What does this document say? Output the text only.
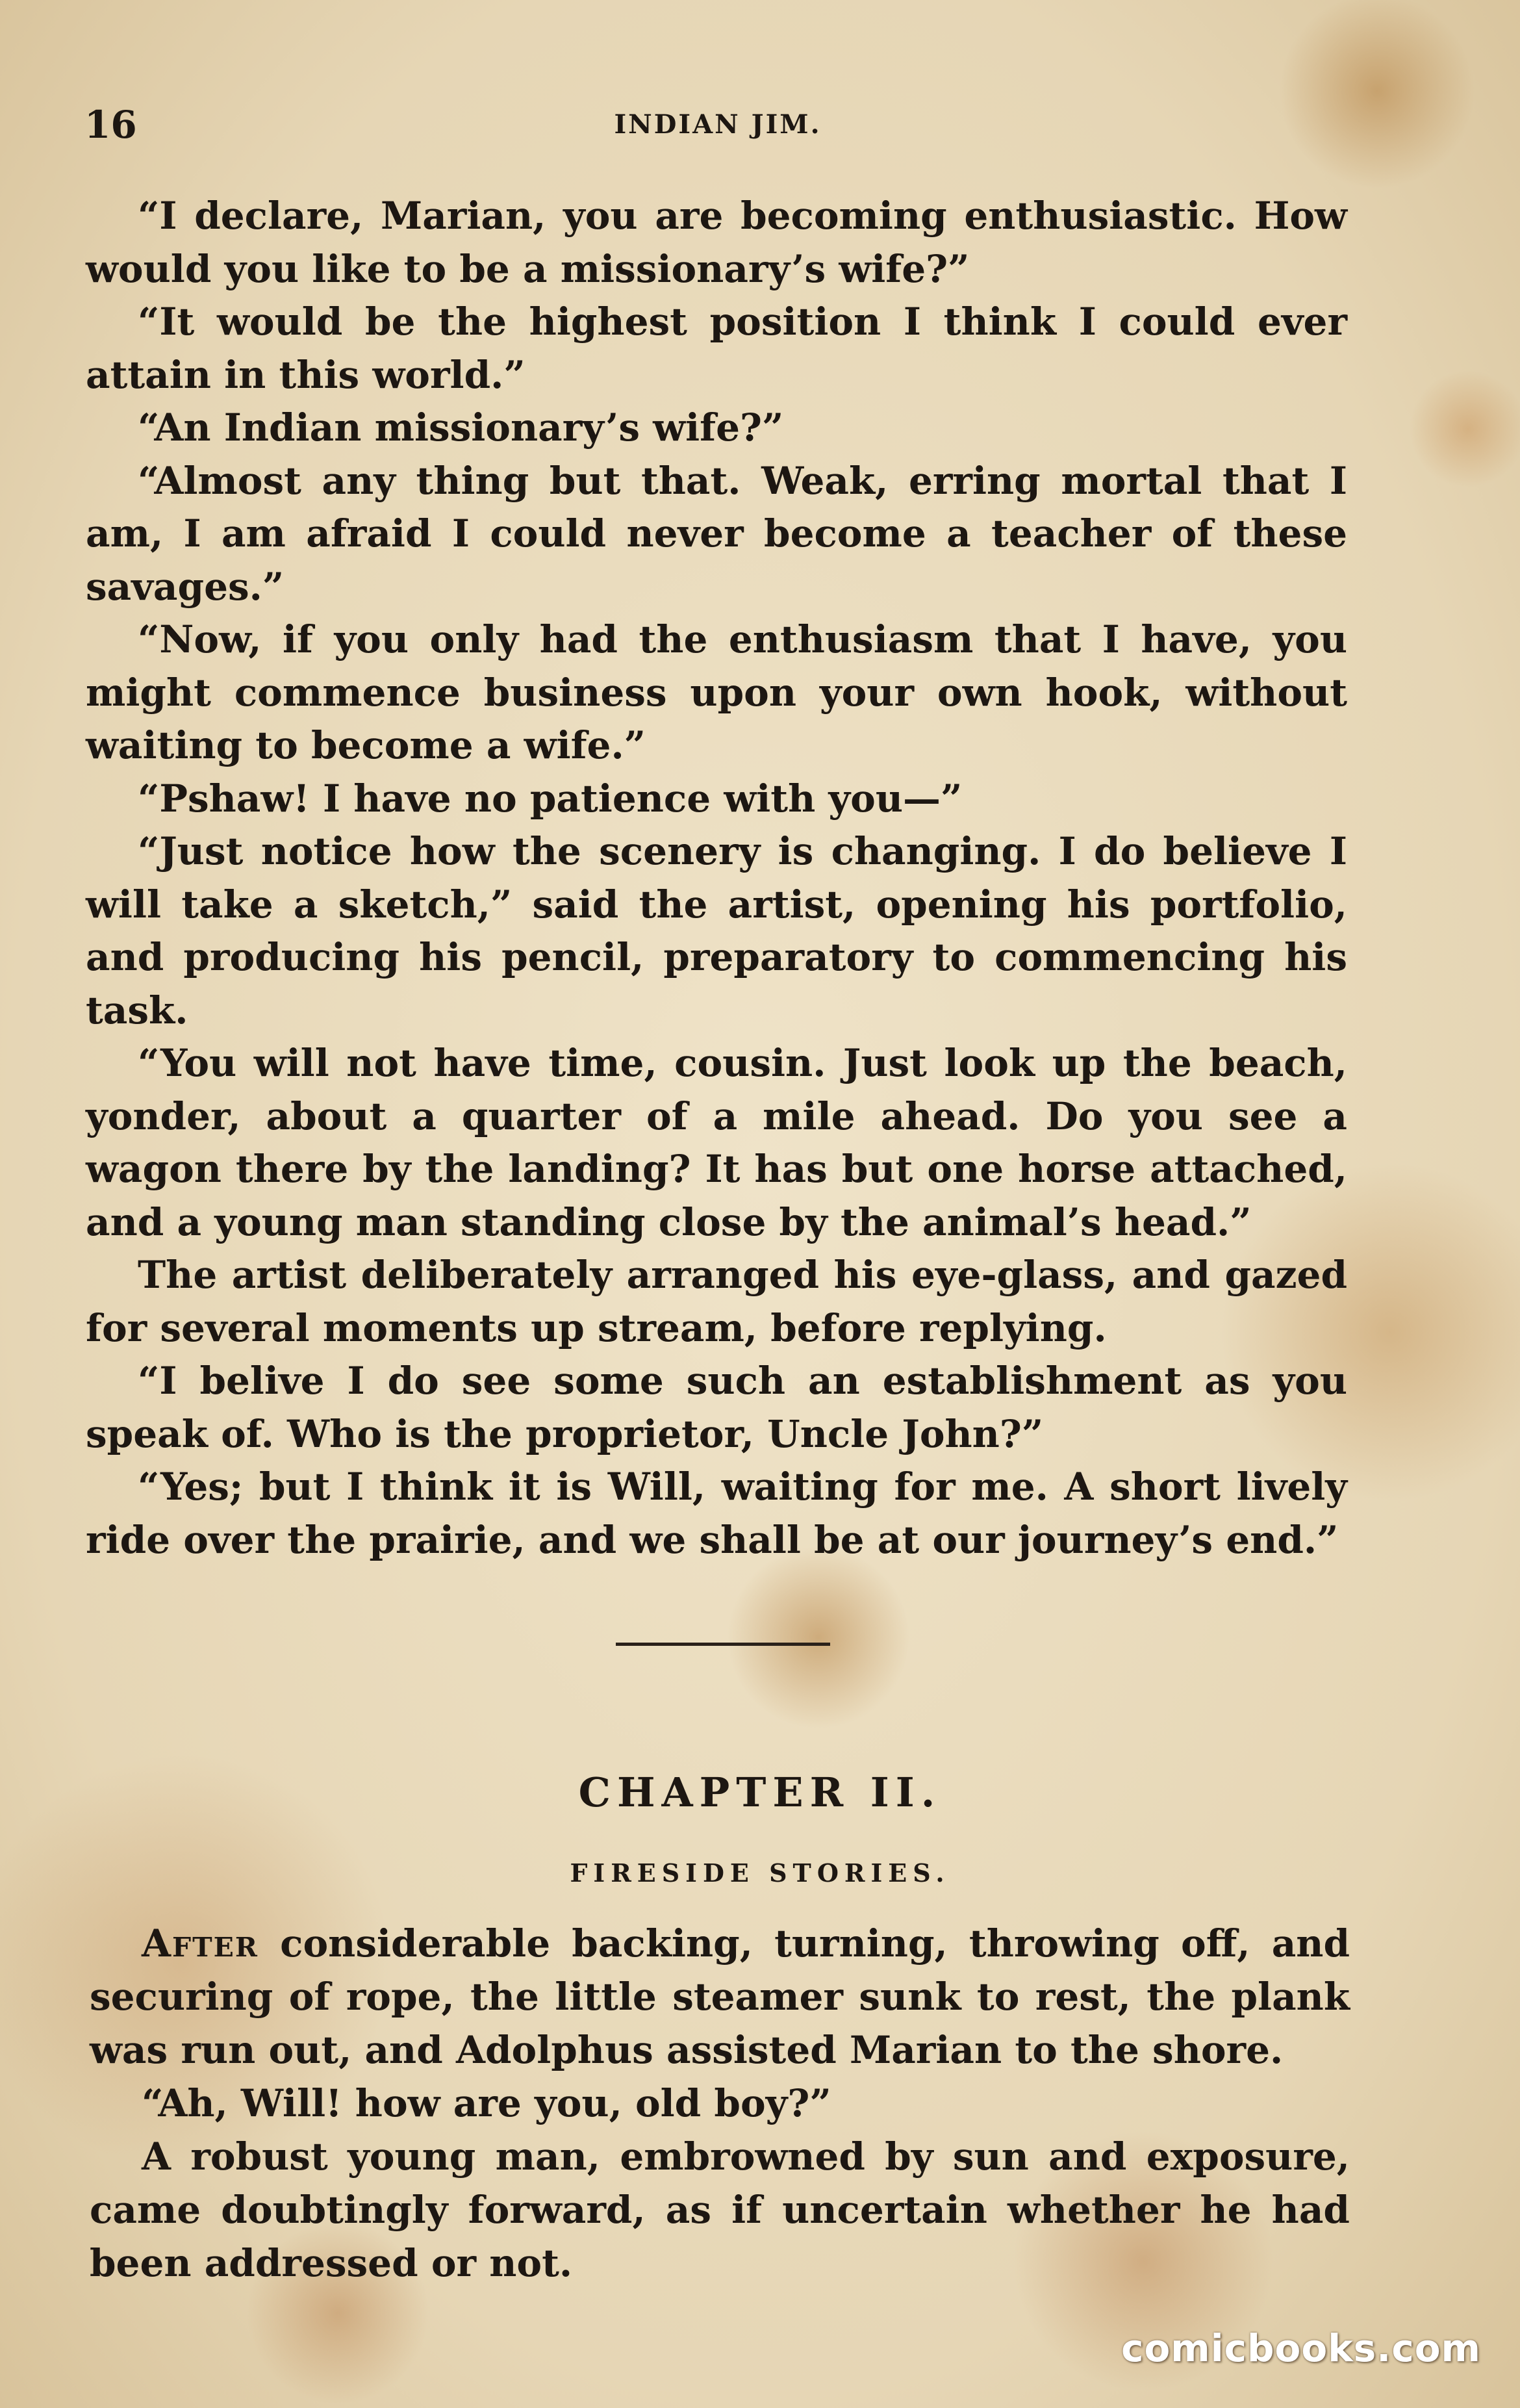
16	INDIAN JIM.

“I declare, Marian, you are becoming enthusiastic. How would you like to be a missionary’s wife?”

“It would be the highest position I think I could ever attain in this world.”

“An Indian missionary’s wife?”

“Almost any thing but that. Weak, erring mortal that I am, I am afraid I could never become a teacher of these savages.”

“Now, if you only had the enthusiasm that I have, you might commence business upon your own hook, without waiting to become a wife.”

“Pshaw! I have no patience with you—”

“Just notice how the scenery is changing. I do believe I will take a sketch,” said the artist, opening his portfolio, and producing his pencil, preparatory to commencing his task.

“You will not have time, cousin. Just look up the beach, yonder, about a quarter of a mile ahead. Do you see a wagon there by the landing? It has but one horse attached, and a young man standing close by the animal’s head.”

The artist deliberately arranged his eye-glass, and gazed for several moments up stream, before replying.

“I belive I do see some such an establishment as you speak of. Who is the proprietor, Uncle John?”

“Yes; but I think it is Will, waiting for me. A short lively ride over the prairie, and we shall be at our journey’s end.”

CHAPTER II.
FIRESIDE STORIES.

After considerable backing, turning, throwing off, and securing of rope, the little steamer sunk to rest, the plank was run out, and Adolphus assisted Marian to the shore.

“Ah, Will! how are you, old boy?”

A robust young man, embrowned by sun and exposure, came doubtingly forward, as if uncertain whether he had been addressed or not.

comicbooks.com
